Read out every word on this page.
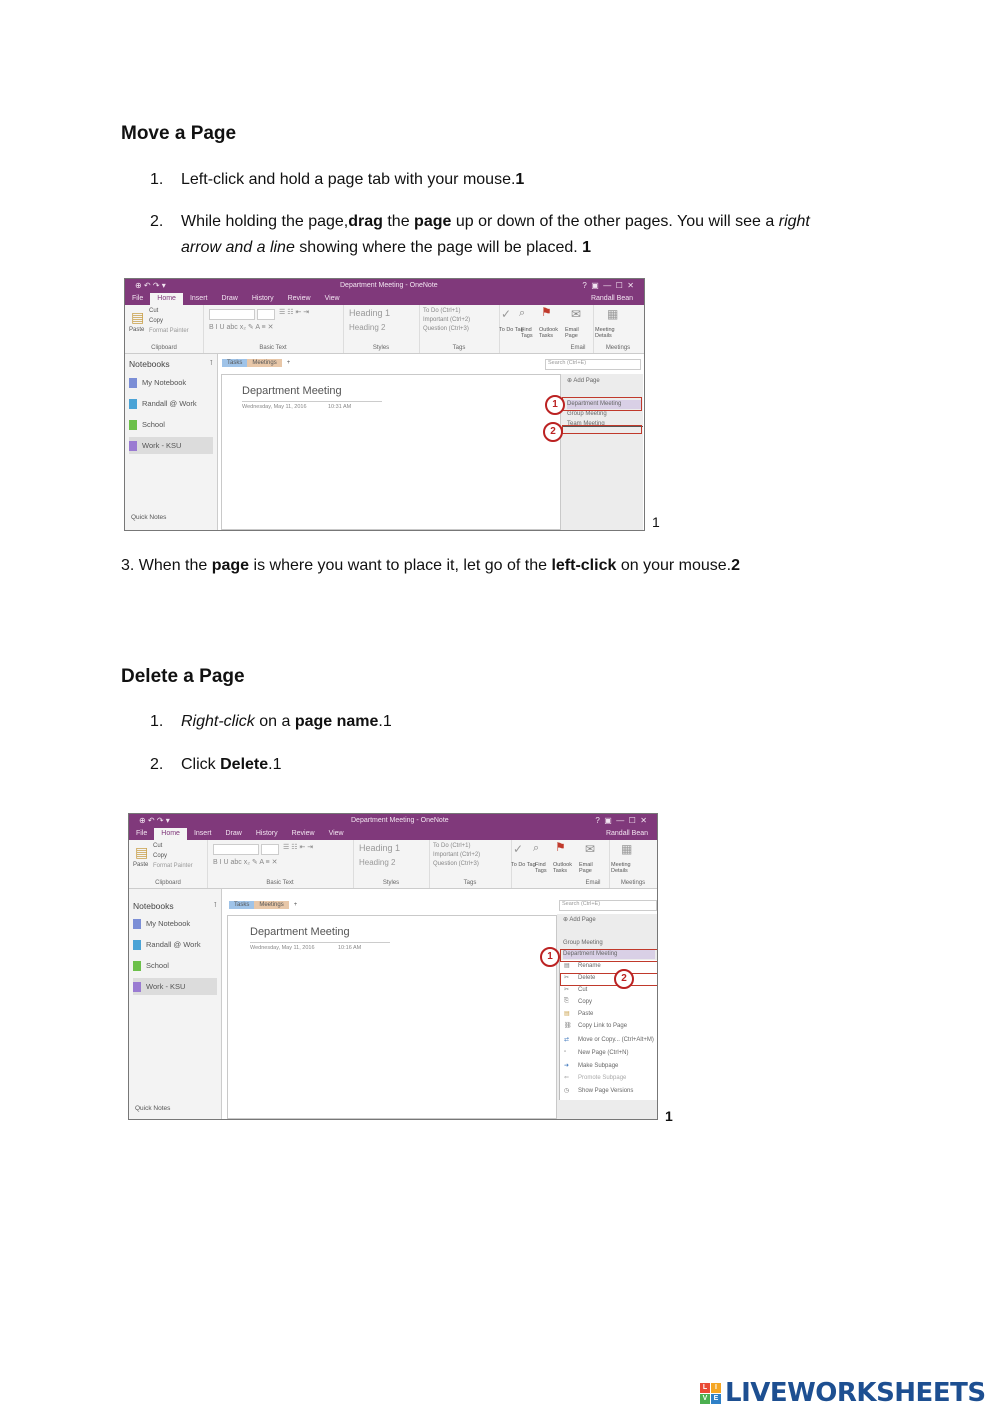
Move a Page
1. Left-click and hold a page tab with your mouse.1
2. While holding the page,drag the page up or down of the other pages. You will see a right
arrow and a line showing where the page will be placed. 1
⊕ ↶ ↷ ▾	Department Meeting - OneNote	?  ▣  —  ☐  ✕
File Home Insert Draw History Review View	Randall Bean
▤
Paste
Cut
Copy
Format Painter
Clipboard
☰ ☷ ⇤ ⇥
B I U abc x₂ ✎ A ≡ ✕
Basic Text
Heading 1
Heading 2
Styles
To Do (Ctrl+1)
Important (Ctrl+2)
Question (Ctrl+3)
Tags
✓ ⌕ ⚑
To Do Tag
Find Tags
Outlook Tasks
✉
Email Page
Email
▦
Meeting Details
Meetings
Notebooks	⊺
My Notebook
Randall @ Work
School
Work - KSU
Quick Notes
Tasks Meetings +
Department Meeting
Wednesday, May 11, 2016	10:31 AM
Search (Ctrl+E)
⊕ Add Page
Department Meeting
Group Meeting
Team Meeting
1
2
1
3. When the page is where you want to place it, let go of the left-click on your mouse.2
Delete a Page
1. Right-click on a page name.1
2. Click Delete.1
⊕ ↶ ↷ ▾	Department Meeting - OneNote	?  ▣  —  ☐  ✕
File Home Insert Draw History Review View	Randall Bean
▤
Paste
Cut
Copy
Format Painter
Clipboard
☰ ☷ ⇤ ⇥
B I U abc x₂ ✎ A ≡ ✕
Basic Text
Heading 1
Heading 2
Styles
To Do (Ctrl+1)
Important (Ctrl+2)
Question (Ctrl+3)
Tags
✓ ⌕ ⚑
To Do Tag Find Tags
Outlook Tasks
✉
Email Page
Email
▦
Meeting Details
Meetings
Notebooks	⊺
My Notebook
Randall @ Work
School
Work - KSU
Quick Notes
Tasks Meetings +
Department Meeting
Wednesday, May 11, 2016	10:16 AM
Search (Ctrl+E)
⊕ Add Page
Group Meeting
Department Meeting
Rename
Delete
Cut
Copy
Paste
Copy Link to Page
Move or Copy... (Ctrl+Alt+M)
New Page (Ctrl+N)
Make Subpage
Promote Subpage
Show Page Versions
▤
✂
✂
⎘
▤
⛓
⇄
▫
➜
⇐
◷
1
2
1
L	I
V E LIVEWORKSHEETS
